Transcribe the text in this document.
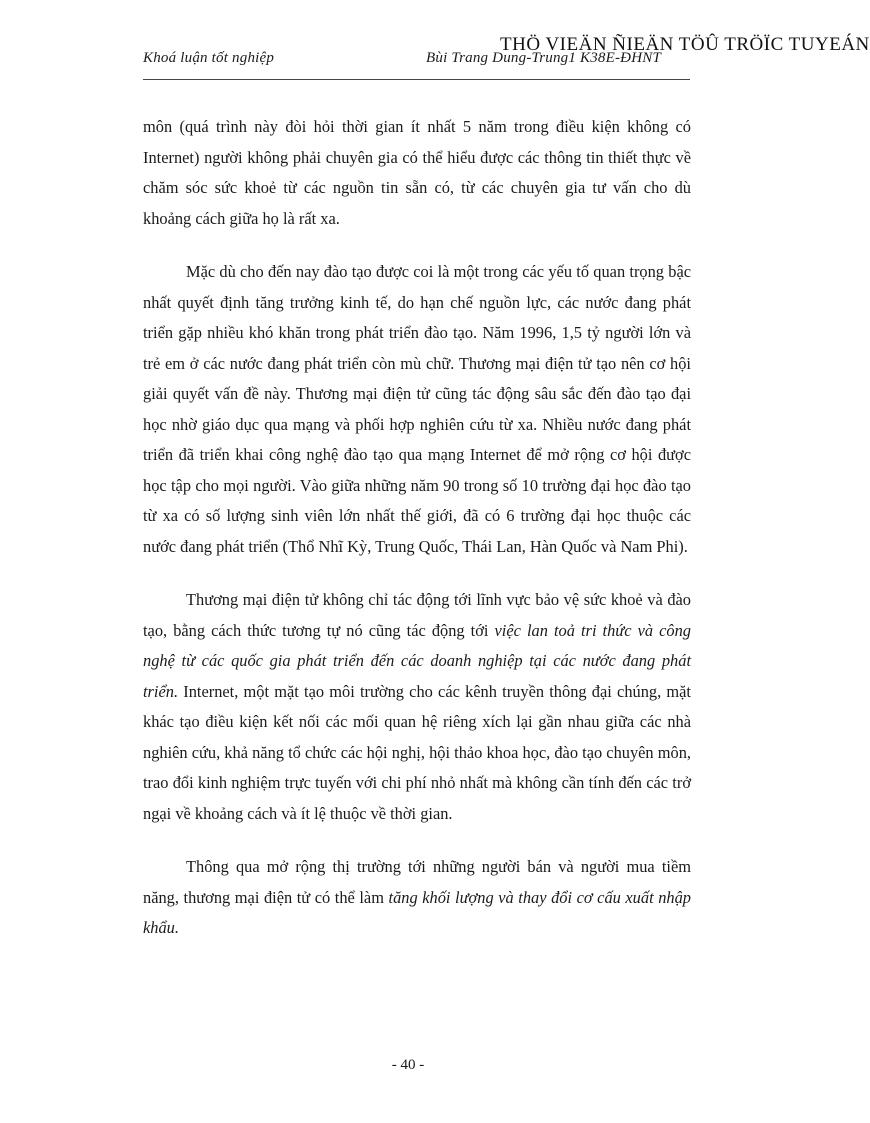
Khoá luận tốt nghiệp	Bùi Trang Dung-Trung1 K38E-ĐHNT
THÖ VIEÄN ÑIEÄN TÖÛ TRÖÏC TUYEÁN

môn (quá trình này đòi hỏi thời gian ít nhất 5 năm trong điều kiện không có Internet) người không phải chuyên gia có thể hiểu được các thông tin thiết thực về chăm sóc sức khoẻ từ các nguồn tin sẵn có, từ các chuyên gia tư vấn cho dù khoảng cách giữa họ là rất xa.

Mặc dù cho đến nay đào tạo được coi là một trong các yếu tố quan trọng bậc nhất quyết định tăng trưởng kinh tế, do hạn chế nguồn lực, các nước đang phát triển gặp nhiều khó khăn trong phát triển đào tạo. Năm 1996, 1,5 tỷ người lớn và trẻ em ở các nước đang phát triển còn mù chữ. Thương mại điện tử tạo nên cơ hội giải quyết vấn đề này. Thương mại điện tử cũng tác động sâu sắc đến đào tạo đại học nhờ giáo dục qua mạng và phối hợp nghiên cứu từ xa. Nhiều nước đang phát triển đã triển khai công nghệ đào tạo qua mạng Internet để mở rộng cơ hội được học tập cho mọi người. Vào giữa những năm 90 trong số 10 trường đại học đào tạo từ xa có số lượng sinh viên lớn nhất thế giới, đã có 6 trường đại học thuộc các nước đang phát triển (Thổ Nhĩ Kỳ, Trung Quốc, Thái Lan, Hàn Quốc và Nam Phi).

Thương mại điện tử không chỉ tác động tới lĩnh vực bảo vệ sức khoẻ và đào tạo, bằng cách thức tương tự nó cũng tác động tới việc lan toả tri thức và công nghệ từ các quốc gia phát triển đến các doanh nghiệp tại các nước đang phát triển. Internet, một mặt tạo môi trường cho các kênh truyền thông đại chúng, mặt khác tạo điều kiện kết nối các mối quan hệ riêng xích lại gần nhau giữa các nhà nghiên cứu, khả năng tổ chức các hội nghị, hội thảo khoa học, đào tạo chuyên môn, trao đổi kinh nghiệm trực tuyến với chi phí nhỏ nhất mà không cần tính đến các trở ngại về khoảng cách và ít lệ thuộc về thời gian.

Thông qua mở rộng thị trường tới những người bán và người mua tiềm năng, thương mại điện tử có thể làm tăng khối lượng và thay đổi cơ cấu xuất nhập khẩu.

- 40 -
